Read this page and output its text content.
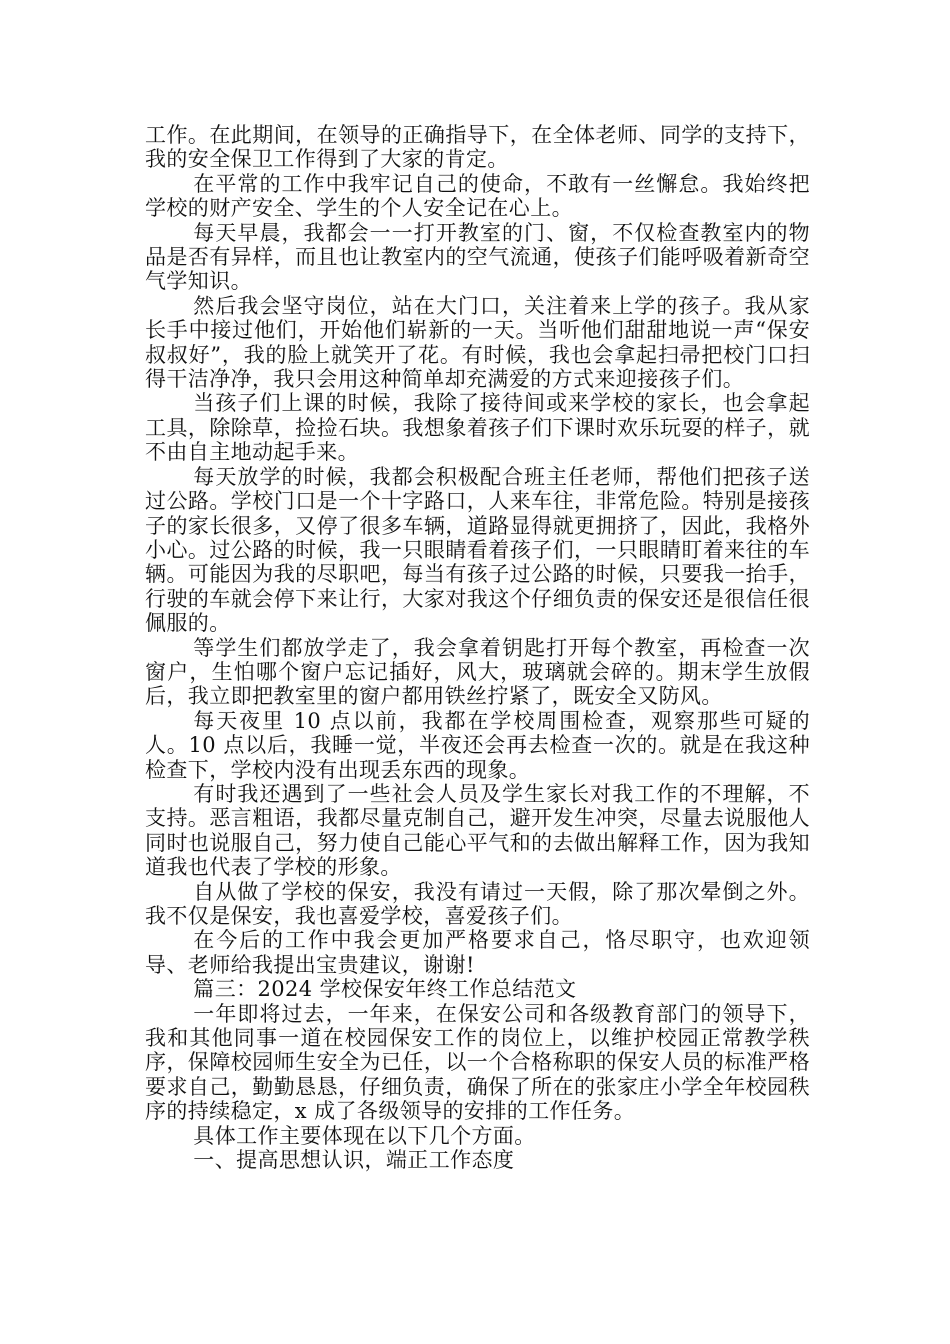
工作。在此期间，在领导的正确指导下，在全体老师、同学的支持下，我的安全保卫工作得到了大家的肯定。

在平常的工作中我牢记自己的使命，不敢有一丝懈怠。我始终把学校的财产安全、学生的个人安全记在心上。

每天早晨，我都会一一打开教室的门、窗，不仅检查教室内的物品是否有异样，而且也让教室内的空气流通，使孩子们能呼吸着新奇空气学知识。

然后我会坚守岗位，站在大门口，关注着来上学的孩子。我从家长手中接过他们，开始他们崭新的一天。当听他们甜甜地说一声“保安叔叔好”，我的脸上就笑开了花。有时候，我也会拿起扫帚把校门口扫得干洁净净，我只会用这种简单却充满爱的方式来迎接孩子们。

当孩子们上课的时候，我除了接待间或来学校的家长，也会拿起工具，除除草，捡捡石块。我想象着孩子们下课时欢乐玩耍的样子，就不由自主地动起手来。

每天放学的时候，我都会积极配合班主任老师，帮他们把孩子送过公路。学校门口是一个十字路口，人来车往，非常危险。特别是接孩子的家长很多，又停了很多车辆，道路显得就更拥挤了，因此，我格外小心。过公路的时候，我一只眼睛看着孩子们，一只眼睛盯着来往的车辆。可能因为我的尽职吧，每当有孩子过公路的时候，只要我一抬手，行驶的车就会停下来让行，大家对我这个仔细负责的保安还是很信任很佩服的。

等学生们都放学走了，我会拿着钥匙打开每个教室，再检查一次窗户，生怕哪个窗户忘记插好，风大，玻璃就会碎的。期末学生放假后，我立即把教室里的窗户都用铁丝拧紧了，既安全又防风。

每天夜里 10 点以前，我都在学校周围检查，观察那些可疑的人。10 点以后，我睡一觉，半夜还会再去检查一次的。就是在我这种检查下，学校内没有出现丢东西的现象。

有时我还遇到了一些社会人员及学生家长对我工作的不理解，不支持。恶言粗语，我都尽量克制自己，避开发生冲突，尽量去说服他人同时也说服自己，努力使自己能心平气和的去做出解释工作，因为我知道我也代表了学校的形象。

自从做了学校的保安，我没有请过一天假，除了那次晕倒之外。我不仅是保安，我也喜爱学校，喜爱孩子们。

在今后的工作中我会更加严格要求自己，恪尽职守，也欢迎领导、老师给我提出宝贵建议，谢谢!

篇三：2024 学校保安年终工作总结范文

一年即将过去，一年来，在保安公司和各级教育部门的领导下，我和其他同事一道在校园保安工作的岗位上，以维护校园正常教学秩序，保障校园师生安全为已任，以一个合格称职的保安人员的标准严格要求自己，勤勤恳恳，仔细负责，确保了所在的张家庄小学全年校园秩序的持续稳定，x 成了各级领导的安排的工作任务。

具体工作主要体现在以下几个方面。

一、提高思想认识，端正工作态度
